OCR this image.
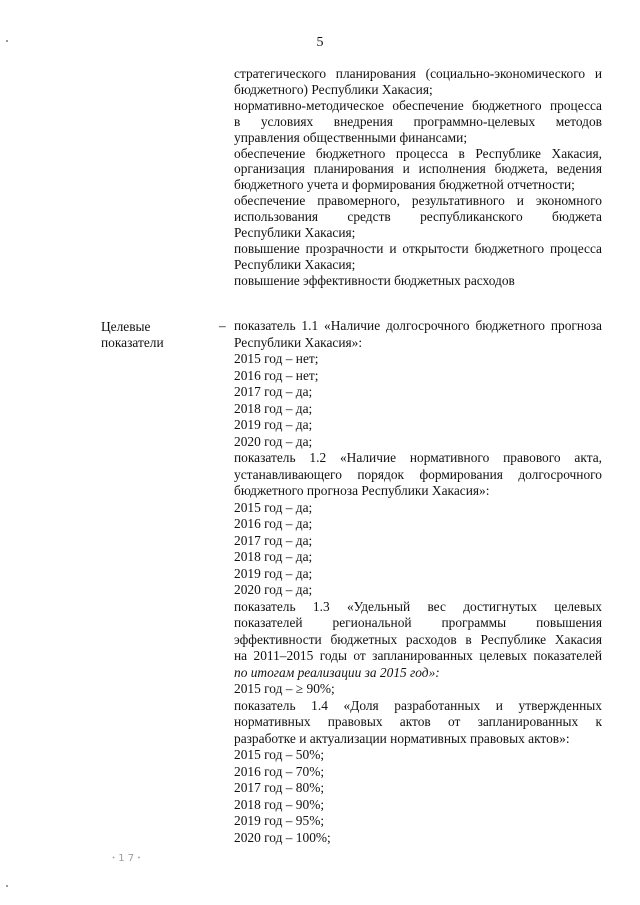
5
стратегического планирования (социально-экономического и
бюджетного) Республики Хакасия;
нормативно-методическое обеспечение бюджетного процесса
в условиях внедрения программно-целевых методов
управления общественными финансами;
обеспечение бюджетного процесса в Республике Хакасия,
организация планирования и исполнения бюджета, ведения
бюджетного учета и формирования бюджетной отчетности;
обеспечение правомерного, результативного и экономного
использования средств республиканского бюджета
Республики Хакасия;
повышение прозрачности и открытости бюджетного процесса
Республики Хакасия;
повышение эффективности бюджетных расходов
Целевые
показатели
– показатель 1.1 «Наличие долгосрочного бюджетного прогноза
Республики Хакасия»:
2015 год – нет;
2016 год – нет;
2017 год – да;
2018 год – да;
2019 год – да;
2020 год – да;
показатель 1.2 «Наличие нормативного правового акта,
устанавливающего порядок формирования долгосрочного
бюджетного прогноза Республики Хакасия»:
2015 год – да;
2016 год – да;
2017 год – да;
2018 год – да;
2019 год – да;
2020 год – да;
показатель 1.3 «Удельный вес достигнутых целевых
показателей региональной программы повышения
эффективности бюджетных расходов в Республике Хакасия
на 2011–2015 годы от запланированных целевых показателей
по итогам реализации за 2015 год»:
2015 год – ≥ 90%;
показатель 1.4 «Доля разработанных и утвержденных
нормативных правовых актов от запланированных к
разработке и актуализации нормативных правовых актов»:
2015 год – 50%;
2016 год – 70%;
2017 год – 80%;
2018 год – 90%;
2019 год – 95%;
2020 год – 100%;
ꞏ 1 7 ꞏ
